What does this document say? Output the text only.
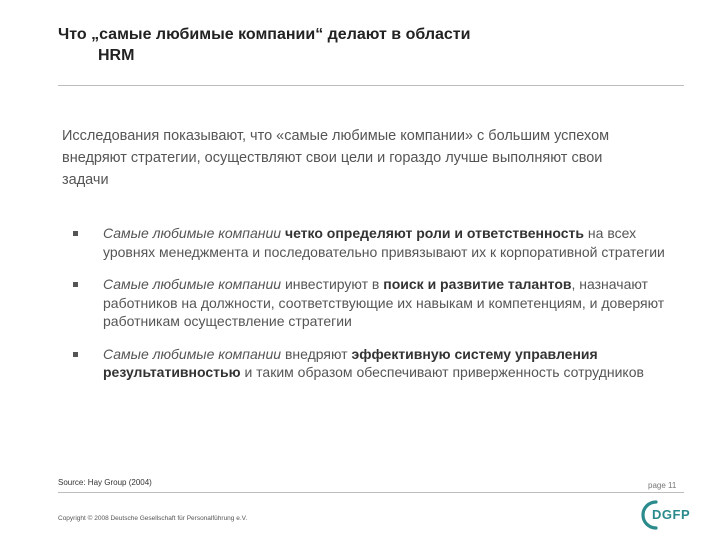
Что „самые любимые компании“ делают в области
HRM
Исследования показывают, что «самые любимые компании» с большим успехом внедряют стратегии, осуществляют свои цели и гораздо лучше выполняют свои задачи
Самые любимые компании четко определяют роли и ответственность на всех уровнях менеджмента и последовательно привязывают их к корпоративной стратегии
Самые любимые компании инвестируют в поиск и развитие талантов, назначают работников на должности, соответствующие их навыкам и компетенциям, и доверяют работникам осуществление стратегии
Самые любимые компании внедряют эффективную систему управления результативностью и таким образом обеспечивают приверженность сотрудников
Source: Hay Group (2004)	page 11
Copyright © 2008 Deutsche Gesellschaft für Personalführung e.V.	DGFP
